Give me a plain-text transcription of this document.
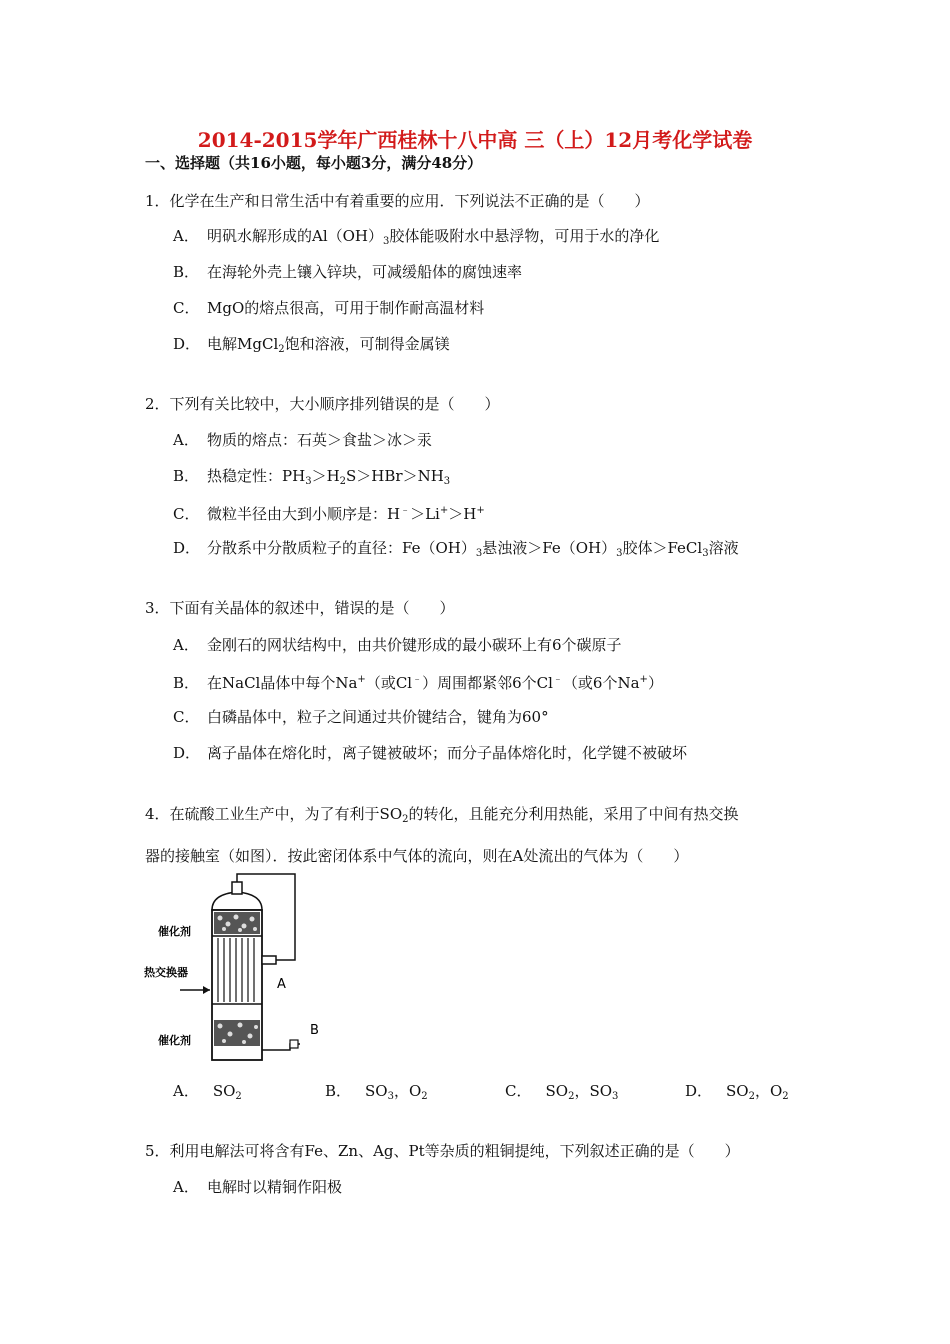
2014-2015学年广西桂林十八中高 三（上）12月考化学试卷
一、选择题（共16小题，每小题3分，满分48分）
1．化学在生产和日常生活中有着重要的应用．下列说法不正确的是（　　）
A． 明矾水解形成的$Al(OH)_3$胶体能吸附水中悬浮物，可用于水的净化
B． 在海轮外壳上镶入锌块，可减缓船体的腐蚀速率
C． MgO的熔点很高，可用于制作耐高温材料
D． 电解MgCl$_2$饱和溶液，可制得金属镁
2．下列有关比较中，大小顺序排列错误的是（　　）
A． 物质的熔点：石英＞食盐＞冰＞汞
B． 热稳定性：$PH_3>H_2S>HBr>NH_3$
C． 微粒半径由大到小顺序是：H﹣＞Li+＞H+
D． 分散系中分散质粒子的直径：$Fe(OH)_3$悬浊液$>Fe(OH)_3$胶体＞FeCl$_3$溶液
3．下面有关晶体的叙述中，错误的是（　　）
A． 金刚石的网状结构中，由共价键形成的最小碳环上有6个碳原子
B． 在NaCl晶体中每个Na+（或Cl﹣）周围都紧邻6个Cl﹣（或6个Na+）
C． 白磷晶体中，粒子之间通过共价键结合，键角为60°
D． 离子晶体在熔化时，离子键被破坏；而分子晶体熔化时，化学键不被破坏
4．在硫酸工业生产中，为了有利于$SO_2$的转化，且能充分利用热能，采用了中间有热交换
器的接触室（如图）．按此密闭体系中气体的流向，则在A处流出的气体为（　　）
催化剂
热交换器
催化剂
A
B
A． $SO_2$	B． $SO_3$，$O_2$	C． $SO_2$，$SO_3$	D． $SO_2$，$O_2$
5．利用电解法可将含有Fe、Zn、Ag、Pt等杂质的粗铜提纯，下列叙述正确的是（　　）
A． 电解时以精铜作阳极
